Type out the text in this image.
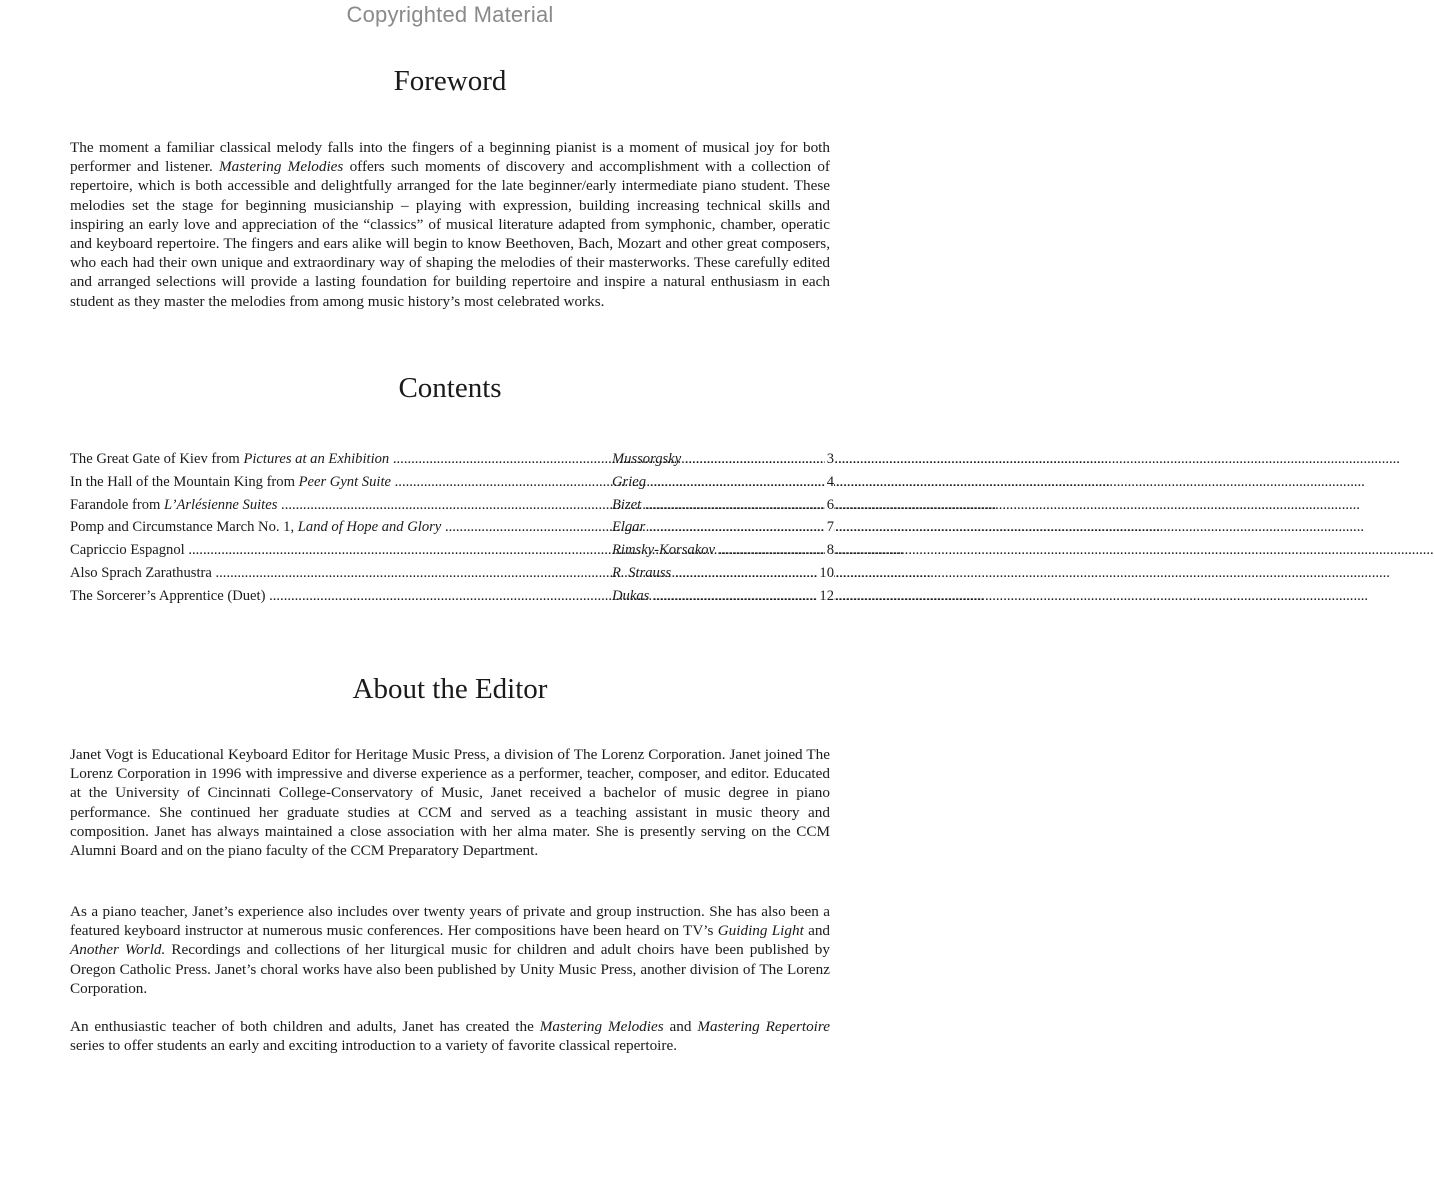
Copyrighted Material
Foreword

The moment a familiar classical melody falls into the fingers of a beginning pianist is a moment of musical joy for both performer and listener. Mastering Melodies offers such moments of discovery and accomplishment with a collection of repertoire, which is both accessible and delightfully arranged for the late beginner/early intermediate piano student. These melodies set the stage for beginning musicianship – playing with expression, building increasing technical skills and inspiring an early love and appreciation of the “classics” of musical literature adapted from symphonic, chamber, operatic and keyboard repertoire. The fingers and ears alike will begin to know Beethoven, Bach, Mozart and other great composers, who each had their own unique and extraordinary way of shaping the melodies of their masterworks. These carefully edited and arranged selections will provide a lasting foundation for building repertoire and inspire a natural enthusiasm in each student as they master the melodies from among music history’s most celebrated works.

Contents
The Great Gate of Kiev from Pictures at an Exhibition .....	Mussorgsky .....	3
In the Hall of the Mountain King from Peer Gynt Suite .....	Grieg .....	4
Farandole from L’Arlésienne Suites .....	Bizet .....	6
Pomp and Circumstance March No. 1, Land of Hope and Glory .....	Elgar .....	7
Capriccio Espagnol .....	Rimsky-Korsakov .....	8
Also Sprach Zarathustra .....	R. Strauss .....	10
The Sorcerer’s Apprentice (Duet) .....	Dukas .....	12
About the Editor

Janet Vogt is Educational Keyboard Editor for Heritage Music Press, a division of The Lorenz Corporation. Janet joined The Lorenz Corporation in 1996 with impressive and diverse experience as a performer, teacher, composer, and editor. Educated at the University of Cincinnati College-Conservatory of Music, Janet received a bachelor of music degree in piano performance. She continued her graduate studies at CCM and served as a teaching assistant in music theory and composition. Janet has always maintained a close association with her alma mater. She is presently serving on the CCM Alumni Board and on the piano faculty of the CCM Preparatory Department.

As a piano teacher, Janet’s experience also includes over twenty years of private and group instruction. She has also been a featured keyboard instructor at numerous music conferences. Her compositions have been heard on TV’s Guiding Light and Another World. Recordings and collections of her liturgical music for children and adult choirs have been published by Oregon Catholic Press. Janet’s choral works have also been published by Unity Music Press, another division of The Lorenz Corporation.

An enthusiastic teacher of both children and adults, Janet has created the Mastering Melodies and Mastering Repertoire series to offer students an early and exciting introduction to a variety of favorite classical repertoire.
